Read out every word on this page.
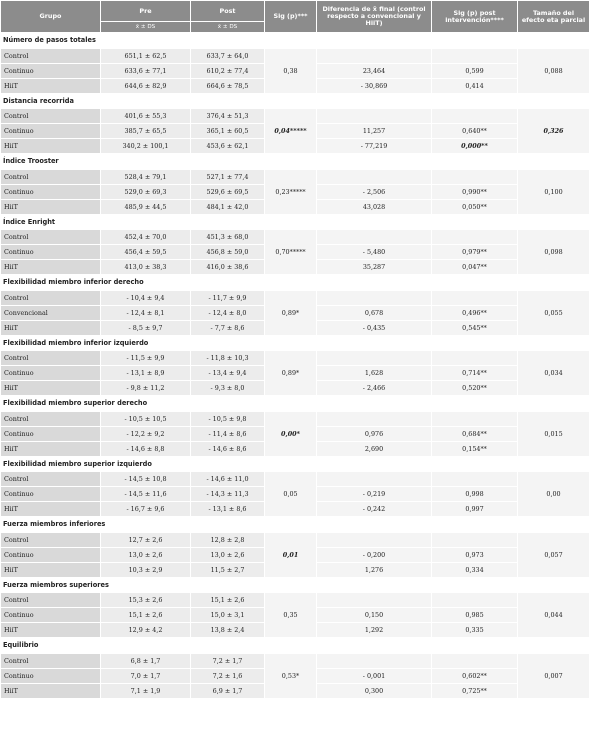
Grupo	Pre	Post	Sig (p)***	Diferencia de x̄ final (control respecto a convencional y HiiT)	Sig (p) post intervención****	Tamaño del efecto eta parcial
	x̄ ± DS	x̄ ± DS				
Número de pasos totales						
Control	651,1 ± 62,5	633,7 ± 64,0	0,38			0,088
Continuo	633,6 ± 77,1	610,2 ± 77,4		23,464	0,599	
HiiT	644,6 ± 82,9	664,6 ± 78,5		- 30,869	0,414	
Distancia recorrida						
Control	401,6 ± 55,3	376,4 ± 51,3	0,04*****			0,326
Continuo	385,7 ± 65,5	365,1 ± 60,5		11,257	0,640**	
HiiT	340,2 ± 100,1	453,6 ± 62,1		- 77,219	0,000**	
Índice Trooster						
Control	528,4 ± 79,1	527,1 ± 77,4	0,23*****			0,100
Continuo	529,0 ± 69,3	529,6 ± 69,5		- 2,506	0,990**	
HiiT	485,9 ± 44,5	484,1 ± 42,0		43,028	0,050**	
Índice Enright						
Control	452,4 ± 70,0	451,3 ± 68,0	0,70*****			0,098
Continuo	456,4 ± 59,5	456,8 ± 59,0		- 5,480	0,979**	
HiiT	413,0 ± 38,3	416,0 ± 38,6		35,287	0,047**	
Flexibilidad miembro inferior derecho						
Control	- 10,4 ± 9,4	- 11,7 ± 9,9	0,89*			0,055
Convencional	- 12,4 ± 8,1	- 12,4 ± 8,0		0,678	0,496**	
HiiT	- 8,5 ± 9,7	- 7,7 ± 8,6		- 0,435	0,545**	
Flexibilidad miembro inferior izquierdo						
Control	- 11,5 ± 9,9	- 11,8 ± 10,3	0,89*			0,034
Continuo	- 13,1 ± 8,9	- 13,4 ± 9,4		1,628	0,714**	
HiiT	- 9,8 ± 11,2	- 9,3 ± 8,0		- 2,466	0,520**	
Flexibilidad miembro superior derecho						
Control	- 10,5 ± 10,5	- 10,5 ± 9,8	0,00*			0,015
Continuo	- 12,2 ± 9,2	- 11,4 ± 8,6		0,976	0,684**	
HiiT	- 14,6 ± 8,8	- 14,6 ± 8,6		2,690	0,154**	
Flexibilidad miembro superior izquierdo						
Control	- 14,5 ± 10,8	- 14,6 ± 11,0	0,05			0,00
Continuo	- 14,5 ± 11,6	- 14,3 ± 11,3		- 0,219	0,998	
HiiT	- 16,7 ± 9,6	- 13,1 ± 8,6		- 0,242	0,997	
Fuerza miembros inferiores						
Control	12,7 ± 2,6	12,8 ± 2,8	0,01			0,057
Continuo	13,0 ± 2,6	13,0 ± 2,6		- 0,200	0,973	
HiiT	10,3 ± 2,9	11,5 ± 2,7		1,276	0,334	
Fuerza miembros superiores						
Control	15,3 ± 2,6	15,1 ± 2,6	0,35			0,044
Continuo	15,1 ± 2,6	15,0 ± 3,1		0,150	0,985	
HiiT	12,9 ± 4,2	13,8 ± 2,4		1,292	0,335	
Equilibrio						
Control	6,8 ± 1,7	7,2 ± 1,7	0,53*			0,007
Continuo	7,0 ± 1,7	7,2 ± 1,6		- 0,001	0,602**	
HiiT	7,1 ± 1,9	6,9 ± 1,7		0,300	0,725**	
